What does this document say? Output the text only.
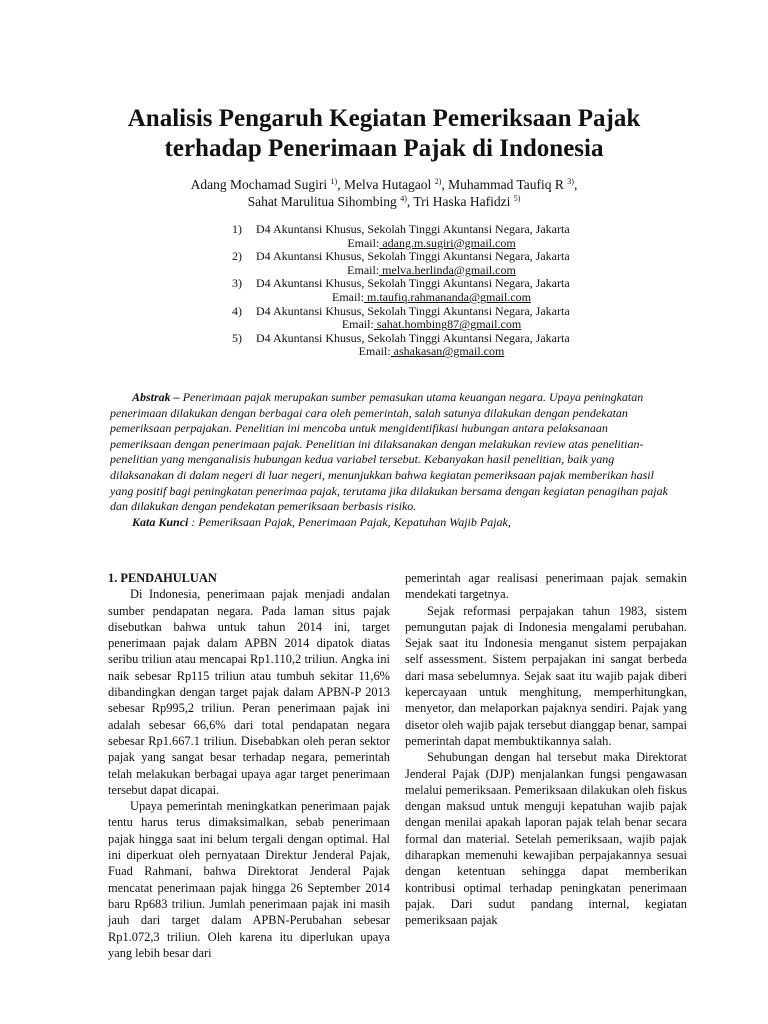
Analisis Pengaruh Kegiatan Pemeriksaan Pajak
terhadap Penerimaan Pajak di Indonesia
Adang Mochamad Sugiri $^{1)}$, Melva Hutagaol $^{2)}$, Muhammad Taufiq R $^{3)}$,
Sahat Marulitua Sihombing $^{4)}$, Tri Haska Hafidzi $^{5)}$
1)	D4 Akuntansi Khusus, Sekolah Tinggi Akuntansi Negara, Jakarta
Email: adang.m.sugiri@gmail.com
2)	D4 Akuntansi Khusus, Sekolah Tinggi Akuntansi Negara, Jakarta
Email: melva.herlinda@gmail.com
3)	D4 Akuntansi Khusus, Sekolah Tinggi Akuntansi Negara, Jakarta
Email: m.taufiq.rahmananda@gmail.com
4)	D4 Akuntansi Khusus, Sekolah Tinggi Akuntansi Negara, Jakarta
Email: sahat.hombing87@gmail.com
5)	D4 Akuntansi Khusus, Sekolah Tinggi Akuntansi Negara, Jakarta
Email: ashakasan@gmail.com

Abstrak – Penerimaan pajak merupakan sumber pemasukan utama keuangan negara. Upaya peningkatan penerimaan dilakukan dengan berbagai cara oleh pemerintah, salah satunya dilakukan dengan pendekatan pemeriksaan perpajakan. Penelitian ini mencoba untuk mengidentifikasi hubungan antara pelaksanaan pemeriksaan dengan penerimaan pajak. Penelitian ini dilaksanakan dengan melakukan review atas penelitian-penelitian yang menganalisis hubungan kedua variabel tersebut. Kebanyakan hasil penelitian, baik yang dilaksanakan di dalam negeri di luar negeri, menunjukkan bahwa kegiatan pemeriksaan pajak memberikan hasil yang positif bagi peningkatan penerimaa pajak, terutama jika dilakukan bersama dengan kegiatan penagihan pajak dan dilakukan dengan pendekatan pemeriksaan berbasis risiko.

Kata Kunci : Pemeriksaan Pajak, Penerimaan Pajak, Kepatuhan Wajib Pajak,

1. PENDAHULUAN

Di Indonesia, penerimaan pajak menjadi andalan sumber pendapatan negara. Pada laman situs pajak disebutkan bahwa untuk tahun 2014 ini, target penerimaan pajak dalam APBN 2014 dipatok diatas seribu triliun atau mencapai Rp1.110,2 triliun. Angka ini naik sebesar Rp115 triliun atau tumbuh sekitar 11,6% dibandingkan dengan target pajak dalam APBN-P 2013 sebesar Rp995,2 triliun. Peran penerimaan pajak ini adalah sebesar 66,6% dari total pendapatan negara sebesar Rp1.667.1 triliun. Disebabkan oleh peran sektor pajak yang sangat besar terhadap negara, pemerintah telah melakukan berbagai upaya agar target penerimaan tersebut dapat dicapai.

Upaya pemerintah meningkatkan penerimaan pajak tentu harus terus dimaksimalkan, sebab penerimaan pajak hingga saat ini belum tergali dengan optimal. Hal ini diperkuat oleh pernyataan Direktur Jenderal Pajak, Fuad Rahmani, bahwa Direktorat Jenderal Pajak mencatat penerimaan pajak hingga 26 September 2014 baru Rp683 triliun. Jumlah penerimaan pajak ini masih jauh dari target dalam APBN-Perubahan sebesar Rp1.072,3 triliun. Oleh karena itu diperlukan upaya yang lebih besar dari

pemerintah agar realisasi penerimaan pajak semakin mendekati targetnya.

Sejak reformasi perpajakan tahun 1983, sistem pemungutan pajak di Indonesia mengalami perubahan. Sejak saat itu Indonesia menganut sistem perpajakan self assessment. Sistem perpajakan ini sangat berbeda dari masa sebelumnya. Sejak saat itu wajib pajak diberi kepercayaan untuk menghitung, memperhitungkan, menyetor, dan melaporkan pajaknya sendiri. Pajak yang disetor oleh wajib pajak tersebut dianggap benar, sampai pemerintah dapat membuktikannya salah.

Sehubungan dengan hal tersebut maka Direktorat Jenderal Pajak (DJP) menjalankan fungsi pengawasan melalui pemeriksaan. Pemeriksaan dilakukan oleh fiskus dengan maksud untuk menguji kepatuhan wajib pajak dengan menilai apakah laporan pajak telah benar secara formal dan material. Setelah pemeriksaan, wajib pajak diharapkan memenuhi kewajiban perpajakannya sesuai dengan ketentuan sehingga dapat memberikan kontribusi optimal terhadap peningkatan penerimaan pajak. Dari sudut pandang internal, kegiatan pemeriksaan pajak
